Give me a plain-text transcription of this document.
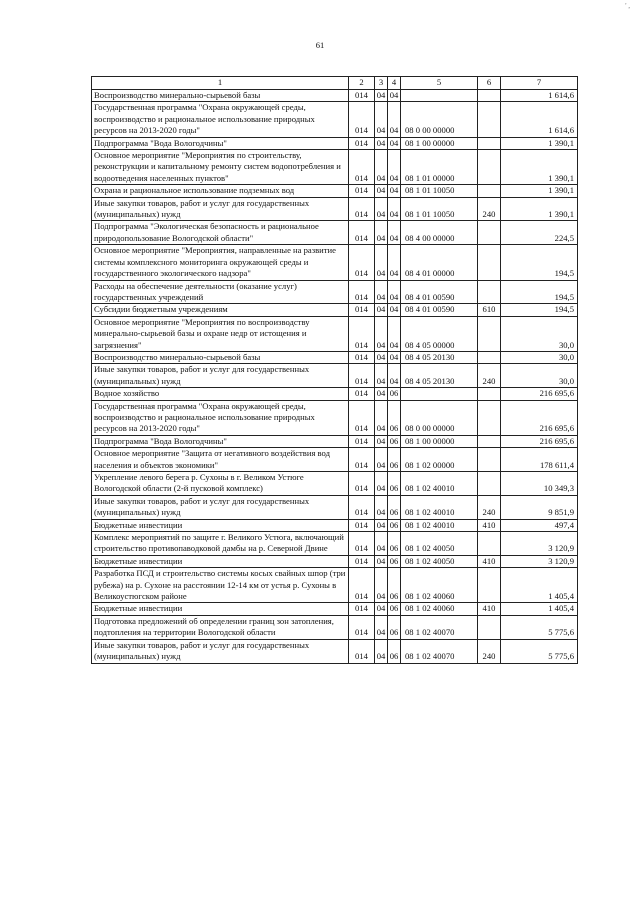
' ,
61
1	2	3	4	5	6	7
Воспроизводство минерально-сырьевой базы	014	04	04			1 614,6
Государственная программа "Охрана окружающей среды, воспроизводство и рациональное использование природных ресурсов на 2013-2020 годы"	014	04	04	08 0 00 00000		1 614,6
Подпрограмма "Вода Вологодчины"	014	04	04	08 1 00 00000		1 390,1
Основное мероприятие "Мероприятия по строительству, реконструкции и капитальному ремонту систем водопотребления и водоотведения населенных пунктов"	014	04	04	08 1 01 00000		1 390,1
Охрана и рациональное использование подземных вод	014	04	04	08 1 01 10050		1 390,1
Иные закупки товаров, работ и услуг для государственных (муниципальных) нужд	014	04	04	08 1 01 10050	240	1 390,1
Подпрограмма "Экологическая безопасность и рациональное природопользование Вологодской области"	014	04	04	08 4 00 00000		224,5
Основное мероприятие "Мероприятия, направленные на развитие системы комплексного мониторинга окружающей среды и государственного экологического надзора"	014	04	04	08 4 01 00000		194,5
Расходы на обеспечение деятельности (оказание услуг) государственных учреждений	014	04	04	08 4 01 00590		194,5
Субсидии бюджетным учреждениям	014	04	04	08 4 01 00590	610	194,5
Основное мероприятие "Мероприятия по воспроизводству минерально-сырьевой базы и охране недр от истощения и загрязнения"	014	04	04	08 4 05 00000		30,0
Воспроизводство минерально-сырьевой базы	014	04	04	08 4 05 20130		30,0
Иные закупки товаров, работ и услуг для государственных (муниципальных) нужд	014	04	04	08 4 05 20130	240	30,0
Водное хозяйство	014	04	06			216 695,6
Государственная программа "Охрана окружающей среды, воспроизводство и рациональное использование природных ресурсов на 2013-2020 годы"	014	04	06	08 0 00 00000		216 695,6
Подпрограмма "Вода Вологодчины"	014	04	06	08 1 00 00000		216 695,6
Основное мероприятие "Защита от негативного воздействия вод населения и объектов экономики"	014	04	06	08 1 02 00000		178 611,4
Укрепление левого берега р. Сухоны в г. Великом Устюге Вологодской области (2-й пусковой комплекс)	014	04	06	08 1 02 40010		10 349,3
Иные закупки товаров, работ и услуг для государственных (муниципальных) нужд	014	04	06	08 1 02 40010	240	9 851,9
Бюджетные инвестиции	014	04	06	08 1 02 40010	410	497,4
Комплекс мероприятий по защите г. Великого Устюга, включающий строительство противопаводковой дамбы на р. Северной Двине	014	04	06	08 1 02 40050		3 120,9
Бюджетные инвестиции	014	04	06	08 1 02 40050	410	3 120,9
Разработка ПСД и строительство системы косых свайных шпор (три рубежа) на р. Сухоне на расстоянии 12-14 км от устья р. Сухоны в Великоустюгском районе	014	04	06	08 1 02 40060		1 405,4
Бюджетные инвестиции	014	04	06	08 1 02 40060	410	1 405,4
Подготовка предложений об определении границ зон затопления, подтопления на территории Вологодской области	014	04	06	08 1 02 40070		5 775,6
Иные закупки товаров, работ и услуг для государственных (муниципальных) нужд	014	04	06	08 1 02 40070	240	5 775,6
